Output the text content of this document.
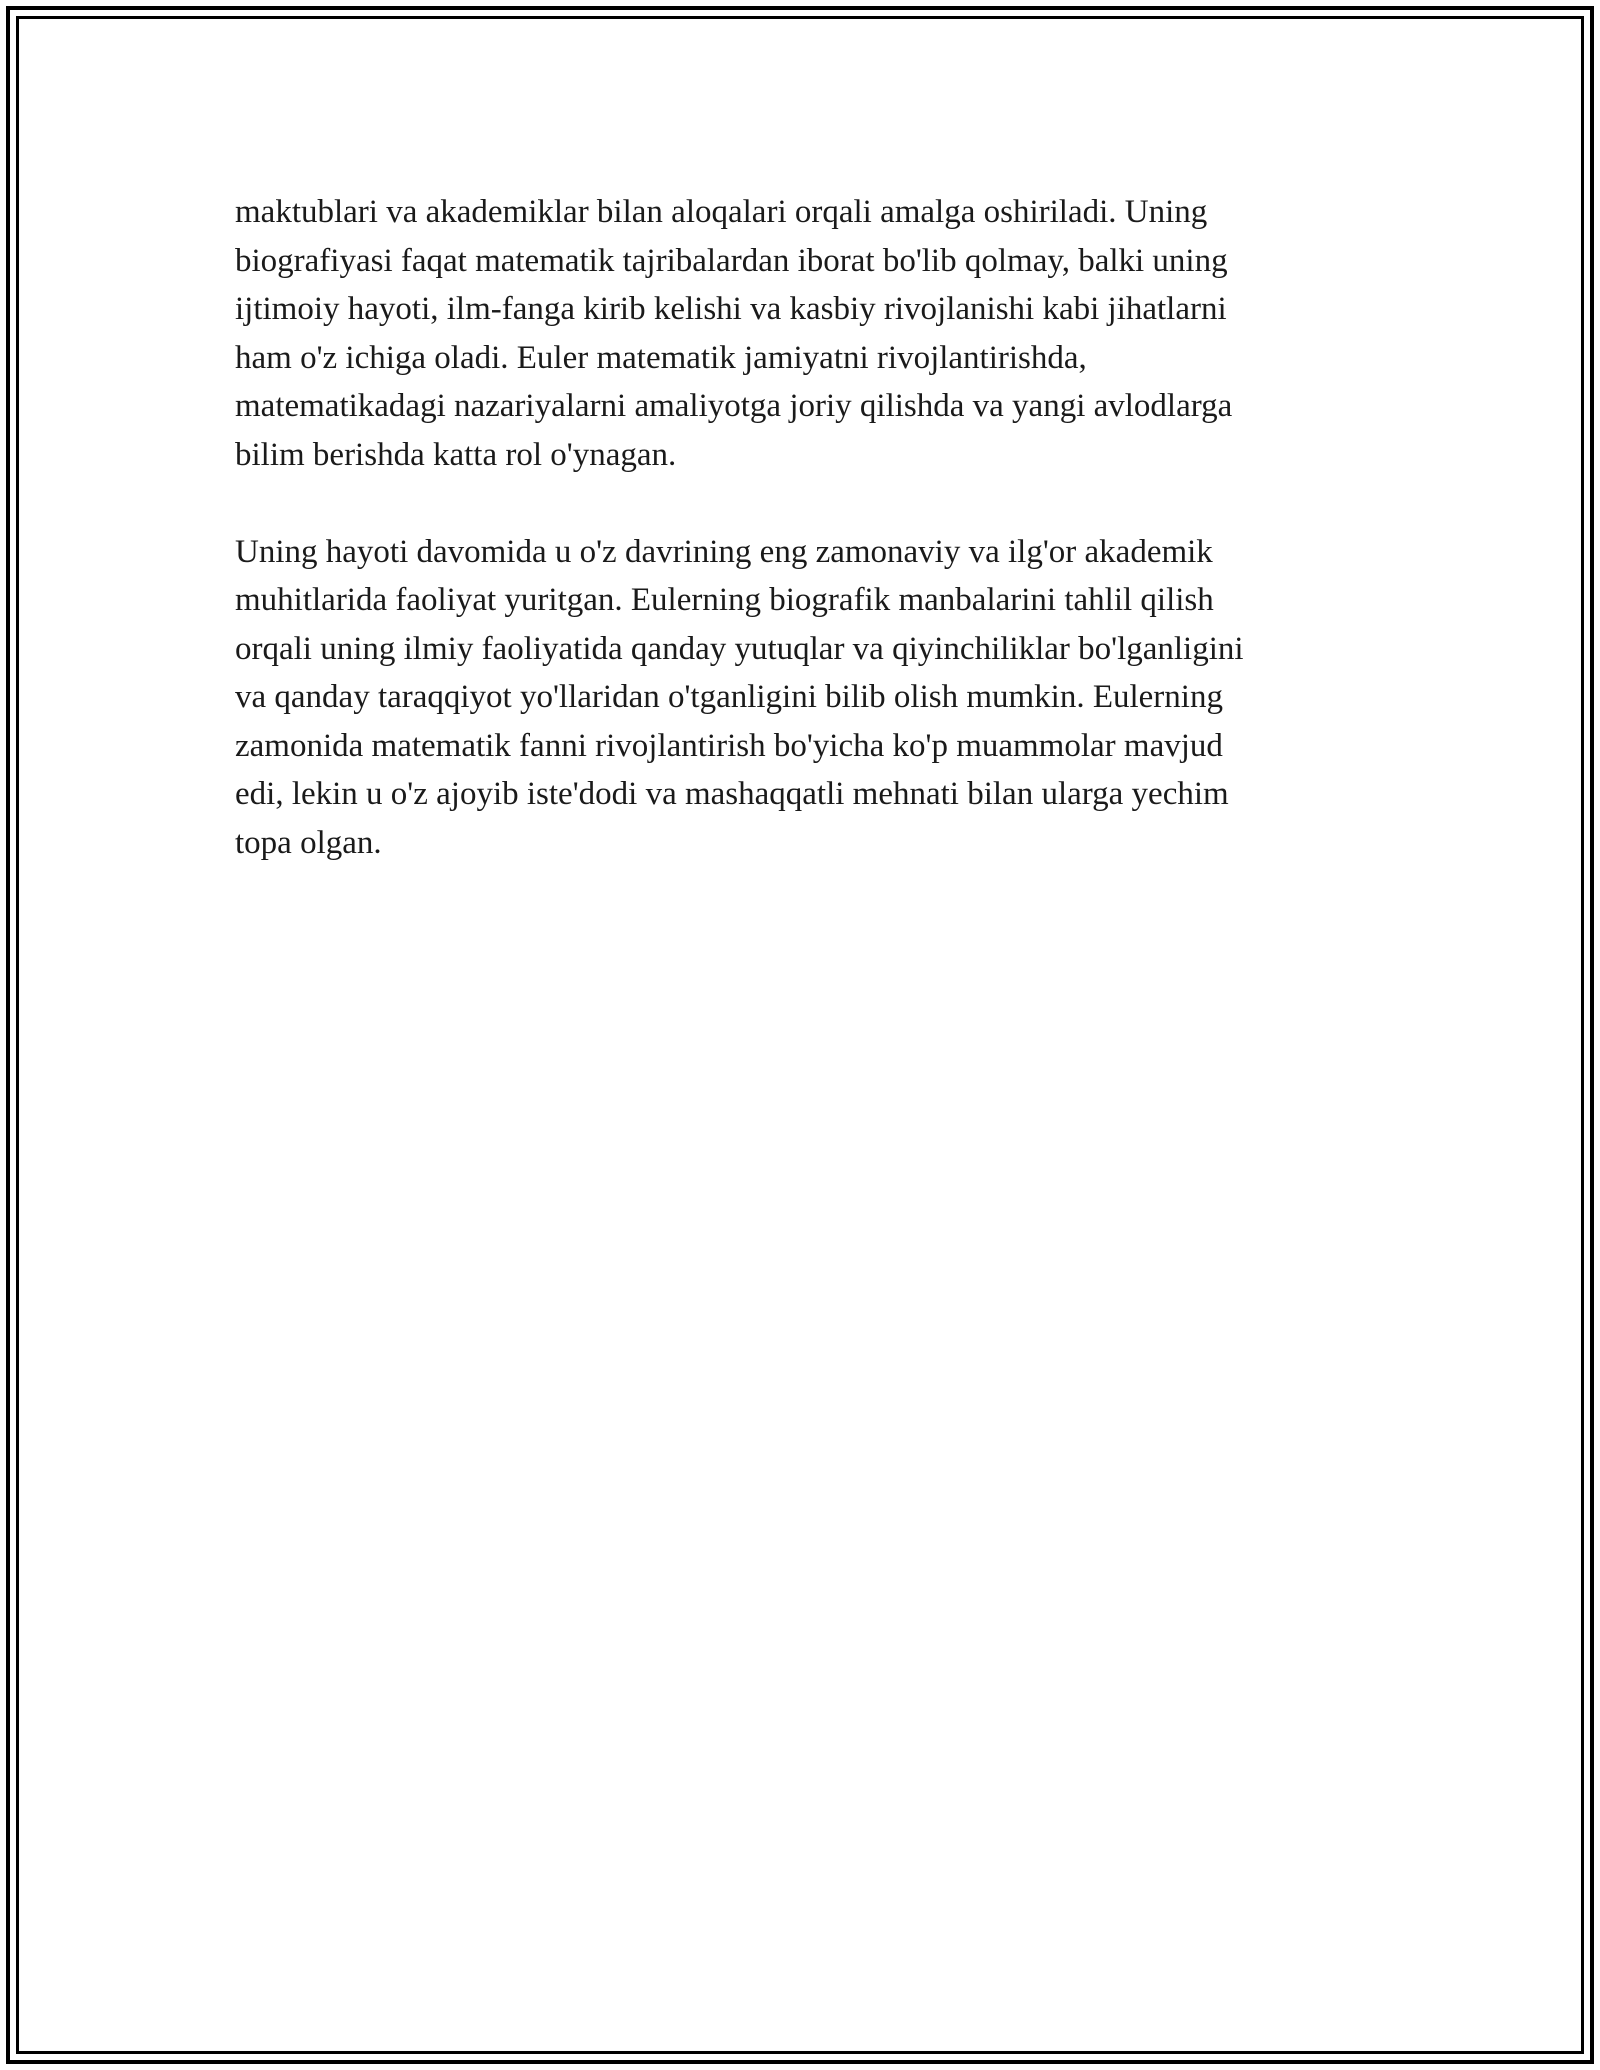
maktublari va akademiklar bilan aloqalari orqali amalga oshiriladi. Uning
biografiyasi faqat matematik tajribalardan iborat bo'lib qolmay, balki uning
ijtimoiy hayoti, ilm-fanga kirib kelishi va kasbiy rivojlanishi kabi jihatlarni
ham o'z ichiga oladi. Euler matematik jamiyatni rivojlantirishda,
matematikadagi nazariyalarni amaliyotga joriy qilishda va yangi avlodlarga
bilim berishda katta rol o'ynagan.

Uning hayoti davomida u o'z davrining eng zamonaviy va ilg'or akademik
muhitlarida faoliyat yuritgan. Eulerning biografik manbalarini tahlil qilish
orqali uning ilmiy faoliyatida qanday yutuqlar va qiyinchiliklar bo'lganligini
va qanday taraqqiyot yo'llaridan o'tganligini bilib olish mumkin. Eulerning
zamonida matematik fanni rivojlantirish bo'yicha ko'p muammolar mavjud
edi, lekin u o'z ajoyib iste'dodi va mashaqqatli mehnati bilan ularga yechim
topa olgan.
